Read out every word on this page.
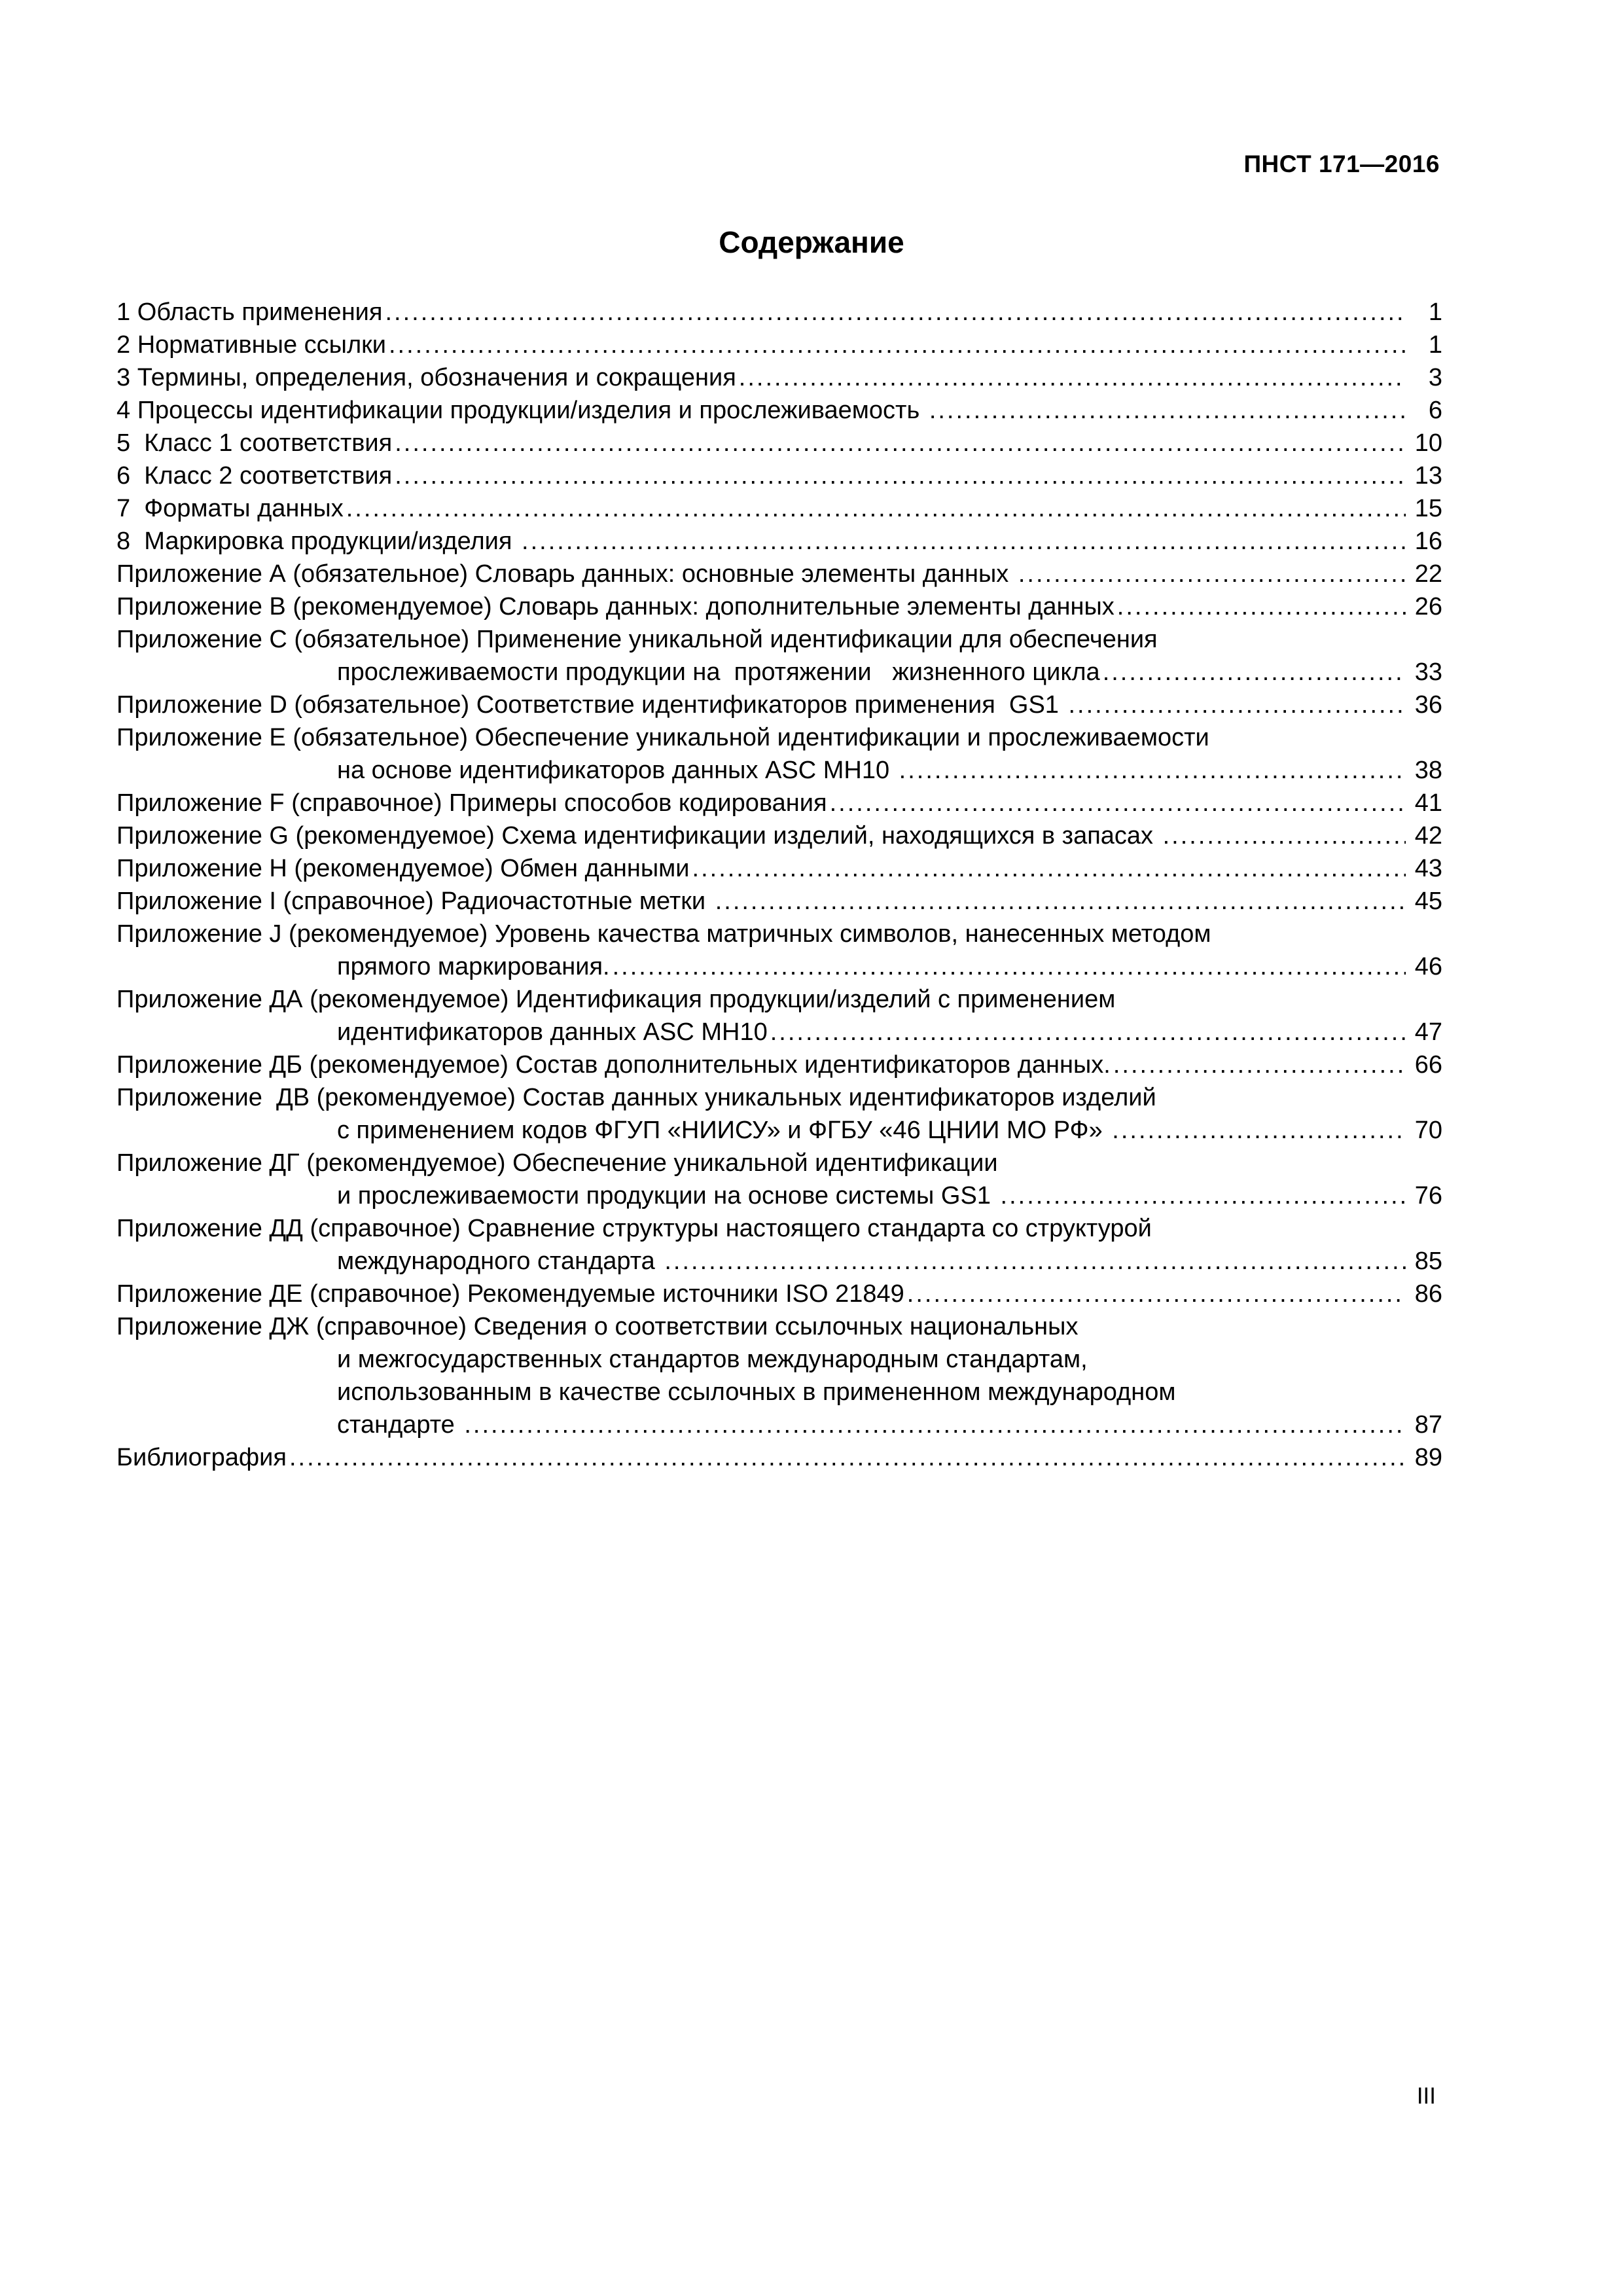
ПНСТ 171—2016
Содержание
1 Область применения .....	1
2 Нормативные ссылки .....	1
3 Термины, определения, обозначения и сокращения .....	3
4 Процессы идентификации продукции/изделия и прослеживаемость .....	6
5  Класс 1 соответствия .....	10
6  Класс 2 соответствия .....	13
7  Форматы данных .....	15
8  Маркировка продукции/изделия .....	16
Приложение А (обязательное) Словарь данных: основные элементы данных .....	22
Приложение В (рекомендуемое) Словарь данных: дополнительные элементы данных .....	26
Приложение С (обязательное) Применение уникальной идентификации для обеспечения
прослеживаемости продукции на  протяжении   жизненного цикла .....	33
Приложение D (обязательное) Соответствие идентификаторов применения  GS1 .....	36
Приложение Е (обязательное) Обеспечение уникальной идентификации и прослеживаемости
на основе идентификаторов данных ASC MH10 .....	38
Приложение F (справочное) Примеры способов кодирования .....	41
Приложение G (рекомендуемое) Схема идентификации изделий, находящихся в запасах .....	42
Приложение Н (рекомендуемое) Обмен данными .....	43
Приложение I (справочное) Радиочастотные метки .....	45
Приложение J (рекомендуемое) Уровень качества матричных символов, нанесенных методом
прямого маркирования. .....	46
Приложение ДА (рекомендуемое) Идентификация продукции/изделий с применением
идентификаторов данных ASC MH10 .....	47
Приложение ДБ (рекомендуемое) Состав дополнительных идентификаторов данных. .....	66
Приложение  ДВ (рекомендуемое) Состав данных уникальных идентификаторов изделий
с применением кодов ФГУП «НИИСУ» и ФГБУ «46 ЦНИИ МО РФ» .....	70
Приложение ДГ (рекомендуемое) Обеспечение уникальной идентификации
и прослеживаемости продукции на основе системы GS1 .....	76
Приложение ДД (справочное) Сравнение структуры настоящего стандарта со структурой
международного стандарта .....	85
Приложение ДЕ (справочное) Рекомендуемые источники ISO 21849 .....	86
Приложение ДЖ (справочное) Сведения о соответствии ссылочных национальных
и межгосударственных стандартов международным стандартам,
использованным в качестве ссылочных в примененном международном
стандарте .....	87
Библиография .....	89
III
